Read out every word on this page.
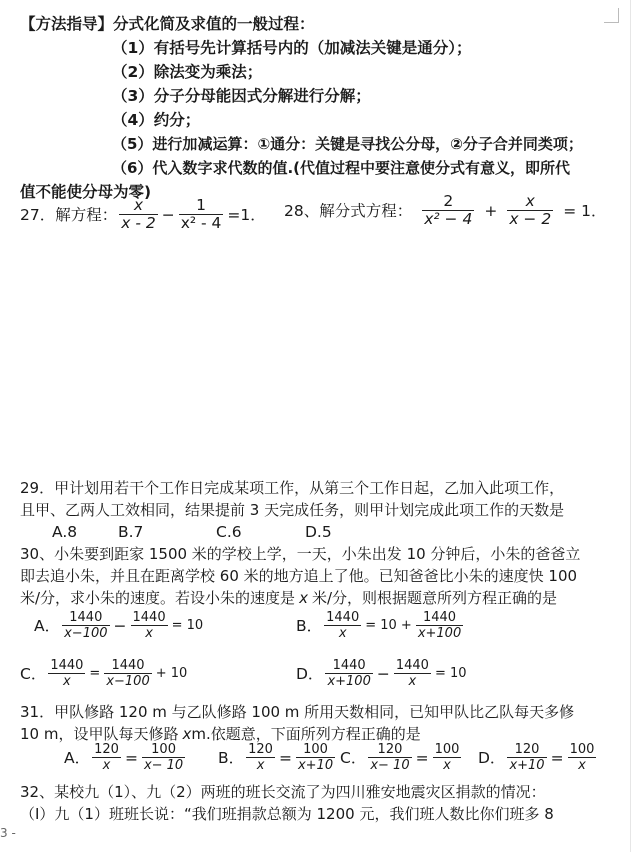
【方法指导】分式化简及求值的一般过程：
（1）有括号先计算括号内的（加减法关键是通分）；
（2）除法变为乘法；
（3）分子分母能因式分解进行分解；
（4）约分；
（5）进行加减运算：①通分：关键是寻找公分母，②分子合并同类项；
（6）代入数字求代数的值.(代值过程中要注意使分式有意义，即所代
值不能使分母为零)
27．解方程： $\frac{x}{x - 2} - \frac{1}{\text{x² - 4}} =1$． 28、解分式方程： $\frac{2}{\text{x² − 4}} + \frac{x}{x - 2} = 1$．
29．甲计划用若干个工作日完成某项工作，从第三个工作日起，乙加入此项工作，
且甲、乙两人工效相同，结果提前 3 天完成任务，则甲计划完成此项工作的天数是
A.8	B.7	C.6	D.5
30、小朱要到距家 1500 米的学校上学，一天，小朱出发 10 分钟后，小朱的爸爸立
即去追小朱，并且在距离学校 60 米的地方追上了他。已知爸爸比小朱的速度快 100
米/分，求小朱的速度。若设小朱的速度是 x 米/分，则根据题意所列方程正确的是
A． $\frac{1440}{x-100} - \frac{1440}{x} = 10$	B． $\frac{1440}{x} = 10 + \frac{1440}{x+100}$
C． $\frac{1440}{x} = \frac{1440}{x-100} + 10$	D． $\frac{1440}{x+100} - \frac{1440}{x} = 10$
31．甲队修路 120 m 与乙队修路 100 m 所用天数相同，已知甲队比乙队每天多修
10 m，设甲队每天修路 xm.依题意，下面所列方程正确的是
A． $\frac{120}{x} = \frac{100}{x- 10}$ B． $\frac{120}{x} = \frac{100}{x+10}$ C． $\frac{120}{x- 10} = \frac{100}{x}$ D． $\frac{120}{x+10} = \frac{100}{x}$
32、某校九（1）、九（2）两班的班长交流了为四川雅安地震灾区捐款的情况：
（Ⅰ）九（1）班班长说：“我们班捐款总额为 1200 元，我们班人数比你们班多 8
3 -
